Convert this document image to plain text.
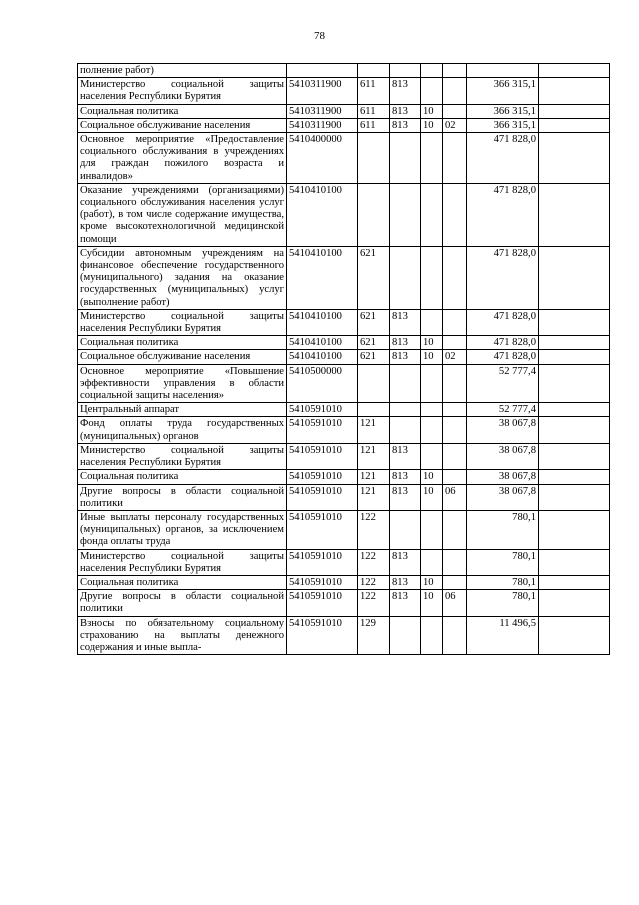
78
полнение работ)							
Министерство социальной защиты населения Республики Бурятия	5410311900	611	813			366 315,1	
Социальная политика	5410311900	611	813	10		366 315,1	
Социальное обслуживание населения	5410311900	611	813	10	02	366 315,1	
Основное мероприятие «Предоставление социального обслуживания в учреждениях для граждан пожилого возраста и инвалидов»	5410400000					471 828,0	
Оказание учреждениями (организациями) социального обслуживания населения услуг (работ), в том числе содержание имущества, кроме высокотехнологичной медицинской помощи	5410410100					471 828,0	
Субсидии автономным учреждениям на финансовое обеспечение государственного (муниципального) задания на оказание государственных (муниципальных) услуг (выполнение работ)	5410410100	621				471 828,0	
Министерство социальной защиты населения Республики Бурятия	5410410100	621	813			471 828,0	
Социальная политика	5410410100	621	813	10		471 828,0	
Социальное обслуживание населения	5410410100	621	813	10	02	471 828,0	
Основное мероприятие «Повышение эффективности управления в области социальной защиты населения»	5410500000					52 777,4	
Центральный аппарат	5410591010					52 777,4	
Фонд оплаты труда государственных (муниципальных) органов	5410591010	121				38 067,8	
Министерство социальной защиты населения Республики Бурятия	5410591010	121	813			38 067,8	
Социальная политика	5410591010	121	813	10		38 067,8	
Другие вопросы в области социальной политики	5410591010	121	813	10	06	38 067,8	
Иные выплаты персоналу государственных (муниципальных) органов, за исключением фонда оплаты труда	5410591010	122				780,1	
Министерство социальной защиты населения Республики Бурятия	5410591010	122	813			780,1	
Социальная политика	5410591010	122	813	10		780,1	
Другие вопросы в области социальной политики	5410591010	122	813	10	06	780,1	
Взносы по обязательному социальному страхованию на выплаты денежного содержания и иные выпла-	5410591010	129				11 496,5	
